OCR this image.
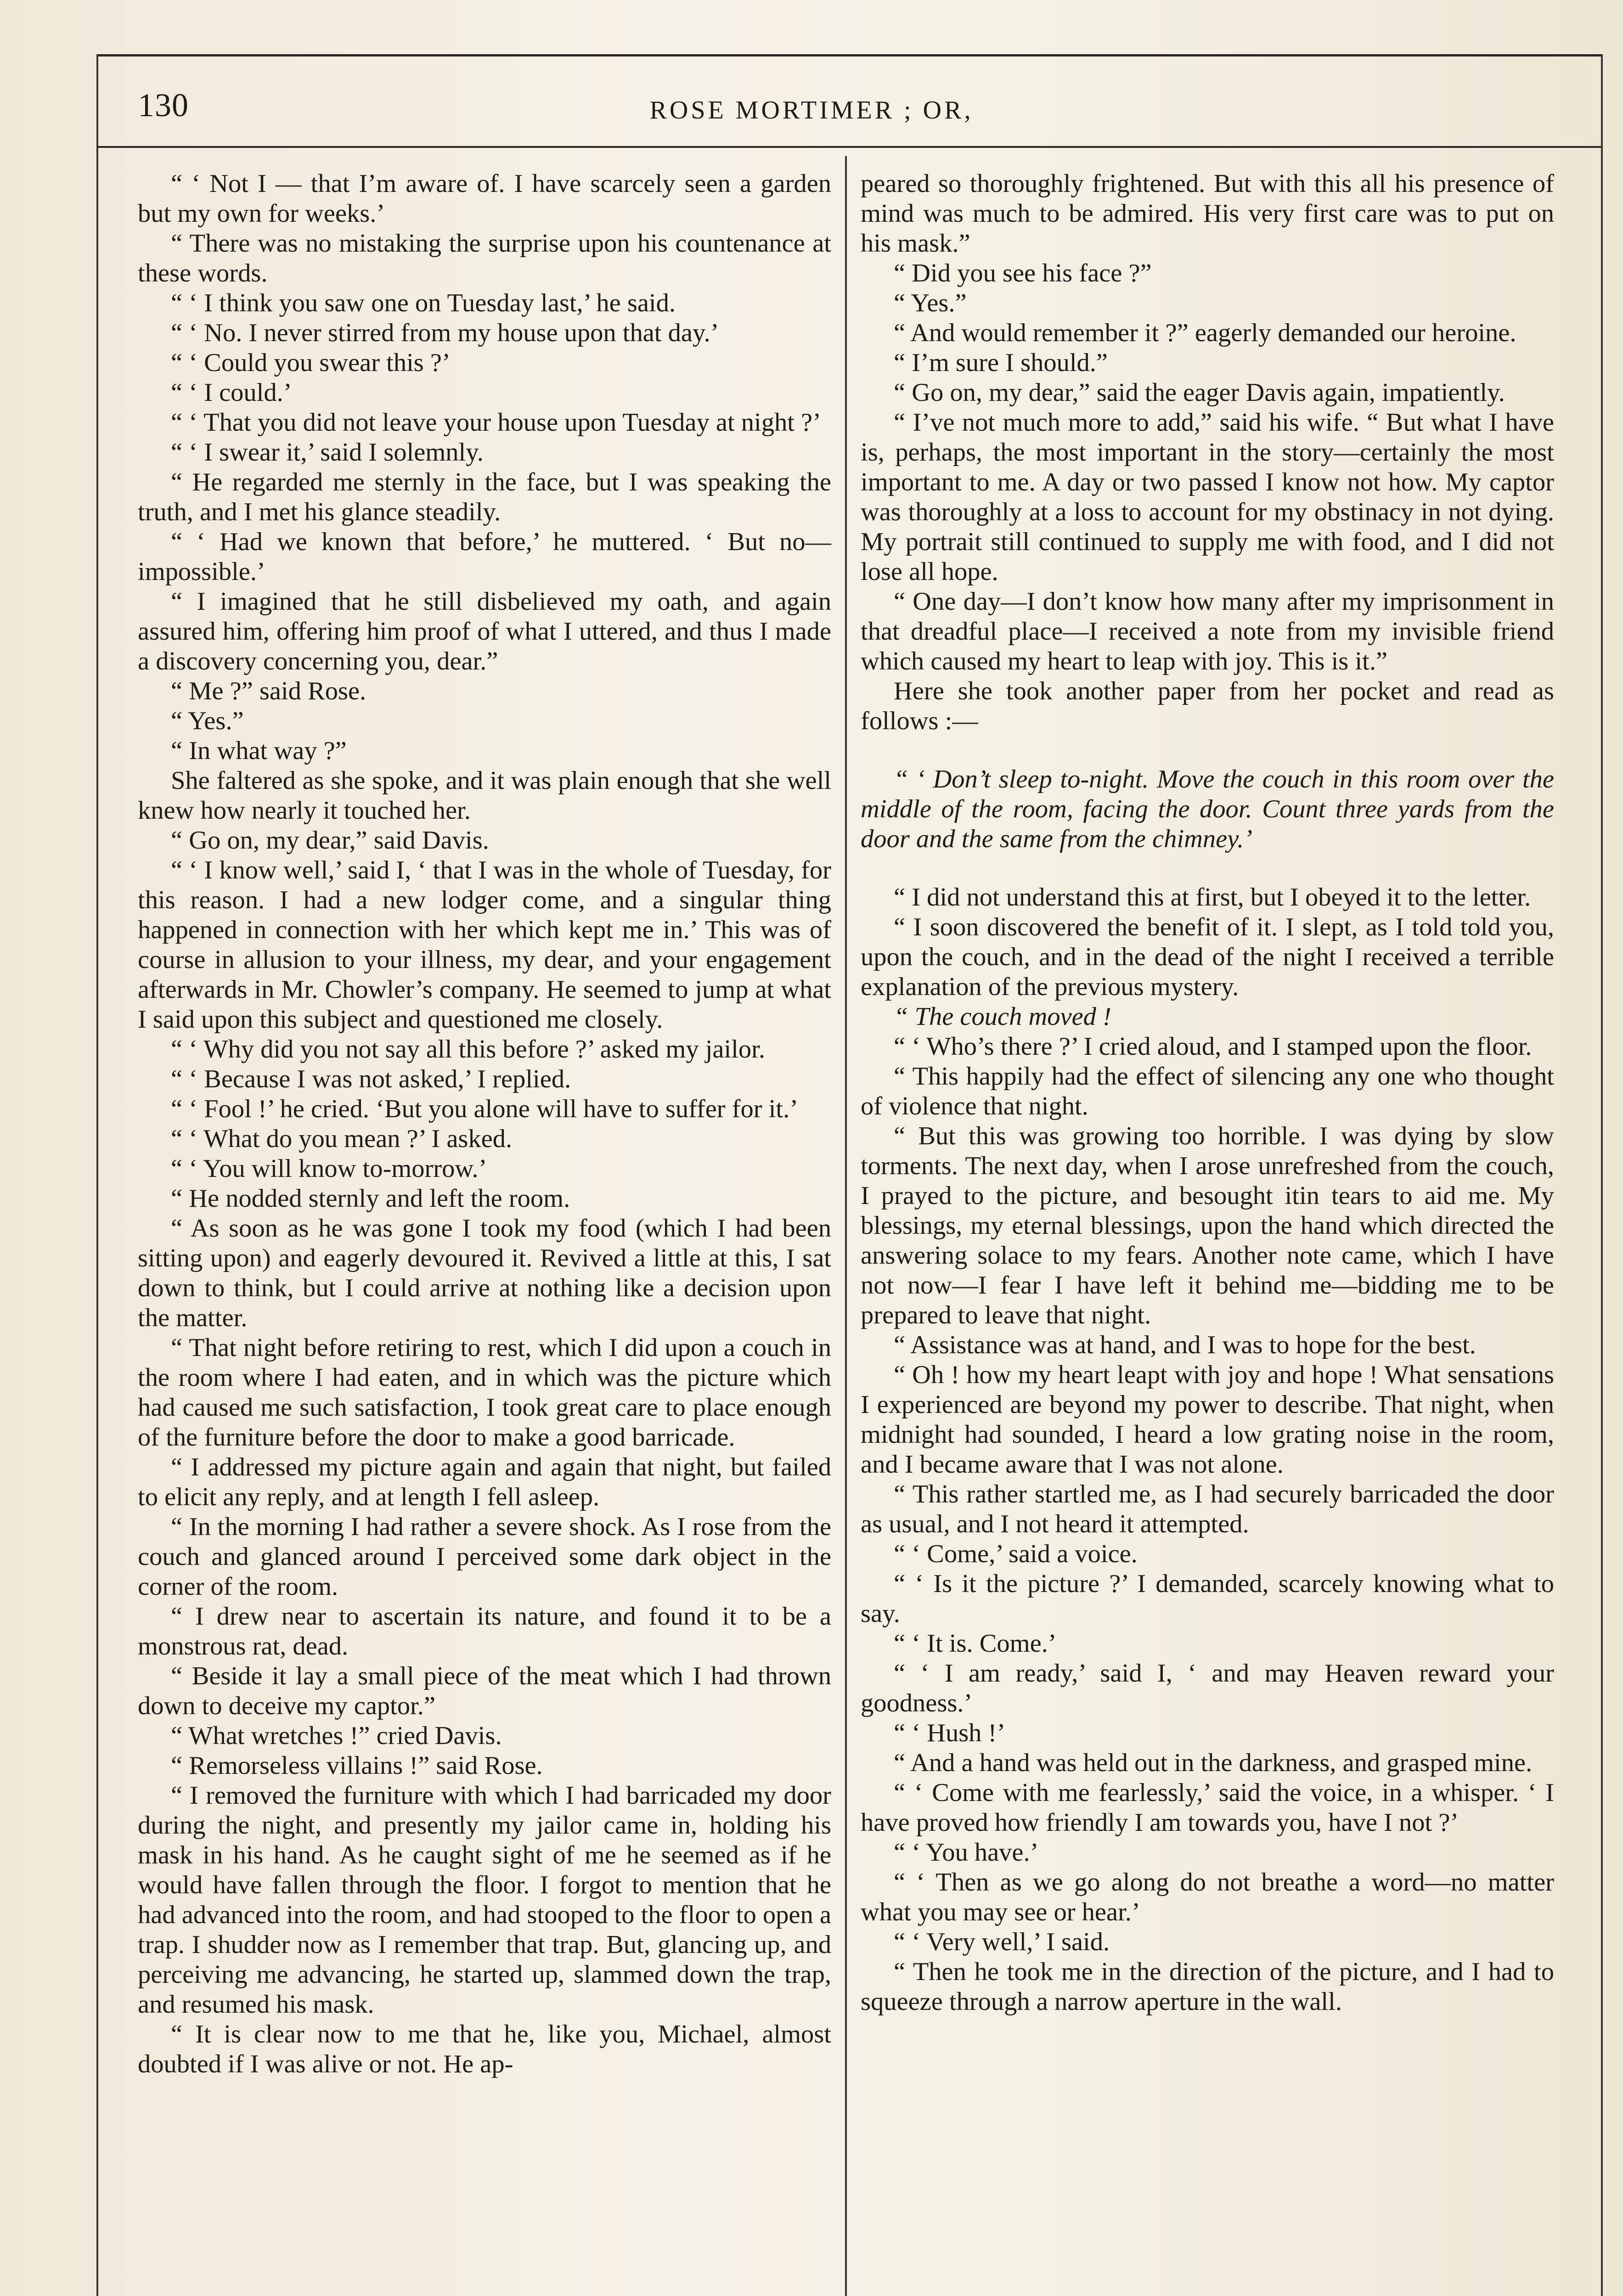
130	ROSE MORTIMER ; OR,

“ ‘ Not I — that I’m aware of. I have scarcely seen a garden but my own for weeks.’

“ There was no mistaking the surprise upon his countenance at these words.

“ ‘ I think you saw one on Tuesday last,’ he said.

“ ‘ No. I never stirred from my house upon that day.’

“ ‘ Could you swear this ?’

“ ‘ I could.’

“ ‘ That you did not leave your house upon Tuesday at night ?’

“ ‘ I swear it,’ said I solemnly.

“ He regarded me sternly in the face, but I was speaking the truth, and I met his glance steadily.

“ ‘ Had we known that before,’ he muttered. ‘ But no—impossible.’

“ I imagined that he still disbelieved my oath, and again assured him, offering him proof of what I uttered, and thus I made a discovery concerning you, dear.”

“ Me ?” said Rose.

“ Yes.”

“ In what way ?”

She faltered as she spoke, and it was plain enough that she well knew how nearly it touched her.

“ Go on, my dear,” said Davis.

“ ‘ I know well,’ said I, ‘ that I was in the whole of Tuesday, for this reason. I had a new lodger come, and a singular thing happened in connection with her which kept me in.’ This was of course in allusion to your illness, my dear, and your engagement afterwards in Mr. Chowler’s company. He seemed to jump at what I said upon this subject and questioned me closely.

“ ‘ Why did you not say all this before ?’ asked my jailor.

“ ‘ Because I was not asked,’ I replied.

“ ‘ Fool !’ he cried. ‘But you alone will have to suffer for it.’

“ ‘ What do you mean ?’ I asked.

“ ‘ You will know to-morrow.’

“ He nodded sternly and left the room.

“ As soon as he was gone I took my food (which I had been sitting upon) and eagerly devoured it. Revived a little at this, I sat down to think, but I could arrive at nothing like a decision upon the matter.

“ That night before retiring to rest, which I did upon a couch in the room where I had eaten, and in which was the picture which had caused me such satisfaction, I took great care to place enough of the furniture before the door to make a good barricade.

“ I addressed my picture again and again that night, but failed to elicit any reply, and at length I fell asleep.

“ In the morning I had rather a severe shock. As I rose from the couch and glanced around I perceived some dark object in the corner of the room.

“ I drew near to ascertain its nature, and found it to be a monstrous rat, dead.

“ Beside it lay a small piece of the meat which I had thrown down to deceive my captor.”

“ What wretches !” cried Davis.

“ Remorseless villains !” said Rose.

“ I removed the furniture with which I had barricaded my door during the night, and presently my jailor came in, holding his mask in his hand. As he caught sight of me he seemed as if he would have fallen through the floor. I forgot to mention that he had advanced into the room, and had stooped to the floor to open a trap. I shudder now as I remember that trap. But, glancing up, and perceiving me advancing, he started up, slammed down the trap, and resumed his mask.

“ It is clear now to me that he, like you, Michael, almost doubted if I was alive or not. He ap-

peared so thoroughly frightened. But with this all his presence of mind was much to be admired. His very first care was to put on his mask.”

“ Did you see his face ?”

“ Yes.”

“ And would remember it ?” eagerly demanded our heroine.

“ I’m sure I should.”

“ Go on, my dear,” said the eager Davis again, impatiently.

“ I’ve not much more to add,” said his wife. “ But what I have is, perhaps, the most important in the story—certainly the most important to me. A day or two passed I know not how. My captor was thoroughly at a loss to account for my obstinacy in not dying. My portrait still continued to supply me with food, and I did not lose all hope.

“ One day—I don’t know how many after my imprisonment in that dreadful place—I received a note from my invisible friend which caused my heart to leap with joy. This is it.”

Here she took another paper from her pocket and read as follows :—

“ ‘ Don’t sleep to-night. Move the couch in this room over the middle of the room, facing the door. Count three yards from the door and the same from the chimney.’

“ I did not understand this at first, but I obeyed it to the letter.

“ I soon discovered the benefit of it. I slept, as I told told you, upon the couch, and in the dead of the night I received a terrible explanation of the previous mystery.

“ The couch moved !

“ ‘ Who’s there ?’ I cried aloud, and I stamped upon the floor.

“ This happily had the effect of silencing any one who thought of violence that night.

“ But this was growing too horrible. I was dying by slow torments. The next day, when I arose unrefreshed from the couch, I prayed to the picture, and besought itin tears to aid me. My blessings, my eternal blessings, upon the hand which directed the answering solace to my fears. Another note came, which I have not now—I fear I have left it behind me—bidding me to be prepared to leave that night.

“ Assistance was at hand, and I was to hope for the best.

“ Oh ! how my heart leapt with joy and hope ! What sensations I experienced are beyond my power to describe. That night, when midnight had sounded, I heard a low grating noise in the room, and I became aware that I was not alone.

“ This rather startled me, as I had securely barricaded the door as usual, and I not heard it attempted.

“ ‘ Come,’ said a voice.

“ ‘ Is it the picture ?’ I demanded, scarcely knowing what to say.

“ ‘ It is. Come.’

“ ‘ I am ready,’ said I, ‘ and may Heaven reward your goodness.’

“ ‘ Hush !’

“ And a hand was held out in the darkness, and grasped mine.

“ ‘ Come with me fearlessly,’ said the voice, in a whisper. ‘ I have proved how friendly I am towards you, have I not ?’

“ ‘ You have.’

“ ‘ Then as we go along do not breathe a word—no matter what you may see or hear.’

“ ‘ Very well,’ I said.

“ Then he took me in the direction of the picture, and I had to squeeze through a narrow aperture in the wall.
